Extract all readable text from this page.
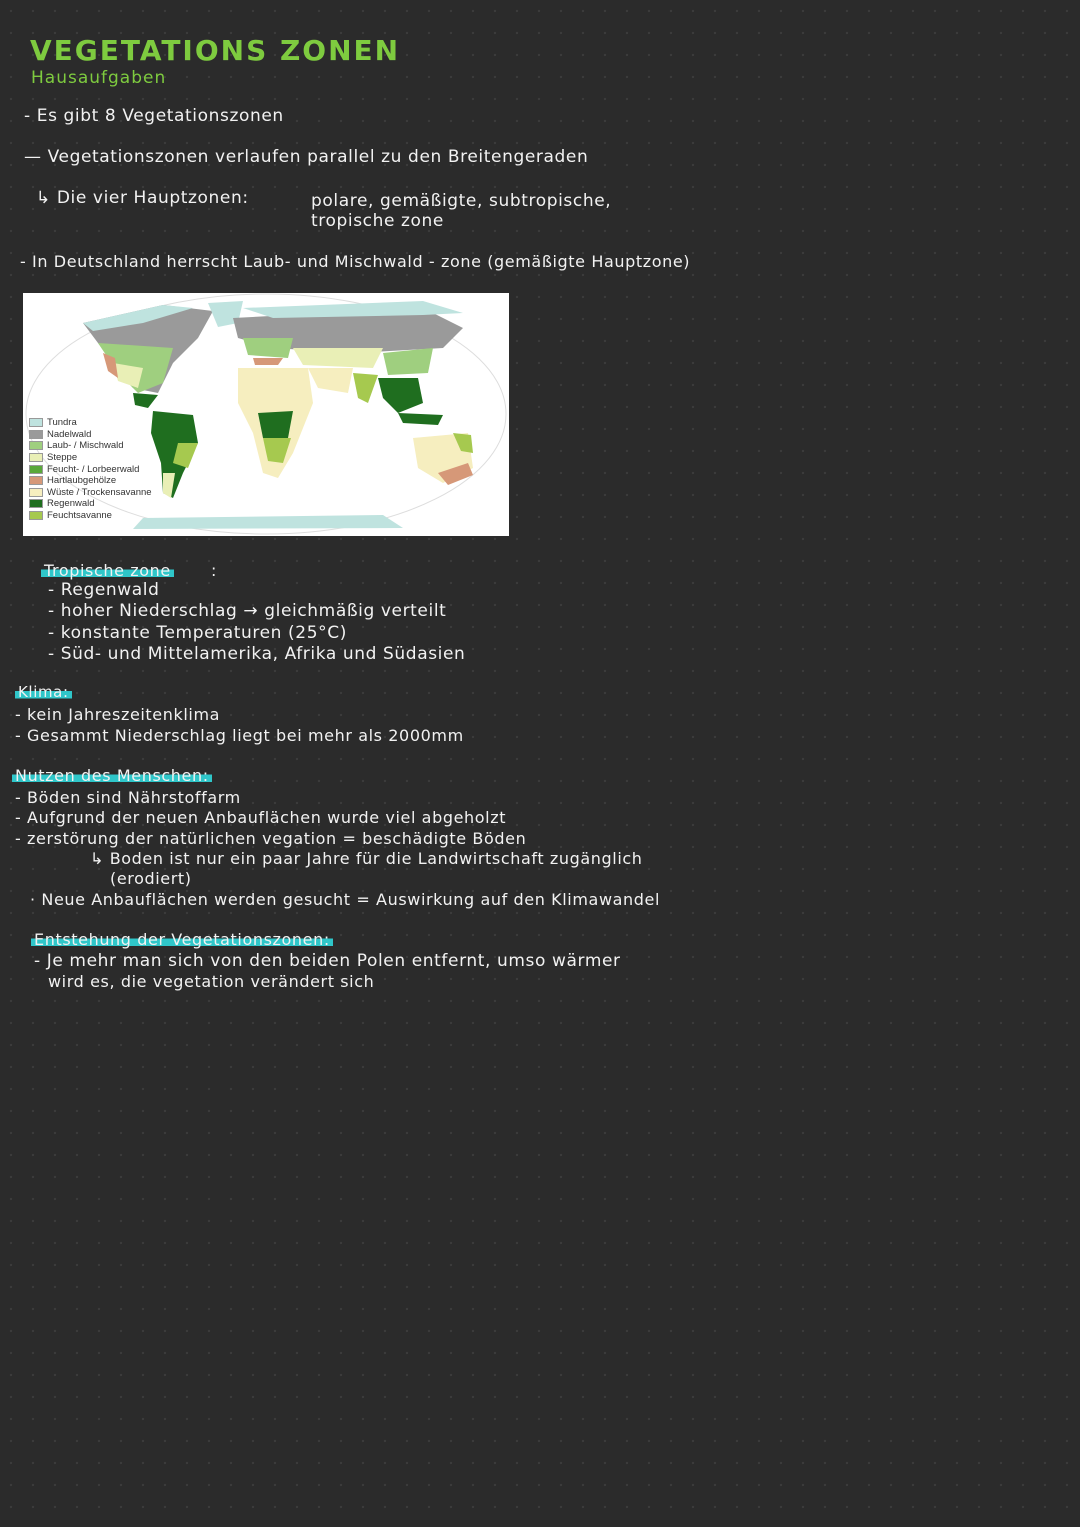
VEGETATIONS ZONEN
Hausaufgaben
- Es gibt 8 Vegetationszonen
— Vegetationszonen verlaufen parallel zu den Breitengeraden
↳ Die vier Hauptzonen:	polare, gemäßigte, subtropische,
tropische zone
- In Deutschland herrscht Laub- und Mischwald - zone (gemäßigte Hauptzone)
Tundra
Nadelwald
Laub- / Mischwald
Steppe
Feucht- / Lorbeerwald
Hartlaubgehölze
Wüste / Trockensavanne
Regenwald
Feuchtsavanne
Tropische zone	:
- Regenwald
- hoher Niederschlag → gleichmäßig verteilt
- konstante Temperaturen (25°C)
- Süd- und Mittelamerika, Afrika und Südasien
Klima:
- kein Jahreszeitenklima
- Gesammt Niederschlag liegt bei mehr als 2000mm
Nutzen des Menschen:
- Böden sind Nährstoffarm
- Aufgrund der neuen Anbauflächen wurde viel abgeholzt
- zerstörung der natürlichen vegation = beschädigte Böden
↳ Boden ist nur ein paar Jahre für die Landwirtschaft zugänglich
(erodiert)
· Neue Anbauflächen werden gesucht = Auswirkung auf den Klimawandel
Entstehung der Vegetationszonen:
- Je mehr man sich von den beiden Polen entfernt, umso wärmer
wird es, die vegetation verändert sich
